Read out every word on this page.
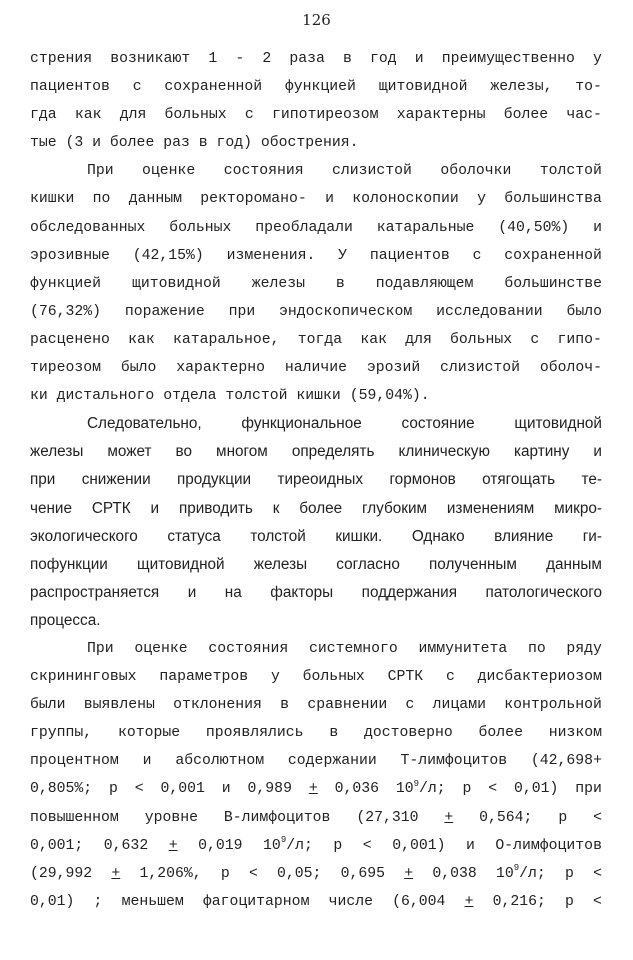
126
стрения возникают 1 - 2 раза в год и преимущественно у
пациентов с сохраненной функцией щитовидной железы, то-
гда как для больных с гипотиреозом характерны более час-
тые (3 и более раз в год) обострения.
При оценке состояния слизистой оболочки толстой
кишки по данным ректоромано- и колоноскопии у большинства
обследованных больных преобладали катаральные (40,50%) и
эрозивные (42,15%) изменения. У пациентов с сохраненной
функцией щитовидной железы в подавляющем большинстве
(76,32%) поражение при эндоскопическом исследовании было
расценено как катаральное, тогда как для больных с гипо-
тиреозом было характерно наличие эрозий слизистой оболоч-
ки дистального отдела толстой кишки (59,04%).
Следовательно,	функциональное	состояние	щитовидной
железы может во многом определять клиническую картину и
при снижении продукции тиреоидных гормонов отягощать те-
чение СРТК и приводить к более глубоким изменениям микро-
экологического статуса толстой кишки. Однако влияние ги-
пофункции щитовидной железы согласно полученным данным
распространяется и на факторы поддержания патологического
процесса.
При оценке состояния системного иммунитета по ряду
скрининговых параметров у больных СРТК с дисбактериозом
были выявлены отклонения в сравнении с лицами контрольной
группы, которые проявлялись в достоверно более низком
процентном и абсолютном содержании Т-лимфоцитов (42,698+
0,805%; р < 0,001 и 0,989 + 0,036 $10^9/л$; р < 0,01) при
повышенном уровне В-лимфоцитов (27,310 + 0,564; р <
0,001; 0,632 + 0,019 $10^9/л$; р < 0,001) и О-лимфоцитов
(29,992 + 1,206%, р < 0,05; 0,695 + 0,038 $10^9/л$; р <
0,01) ; меньшем фагоцитарном числе (6,004 + 0,216; р <
